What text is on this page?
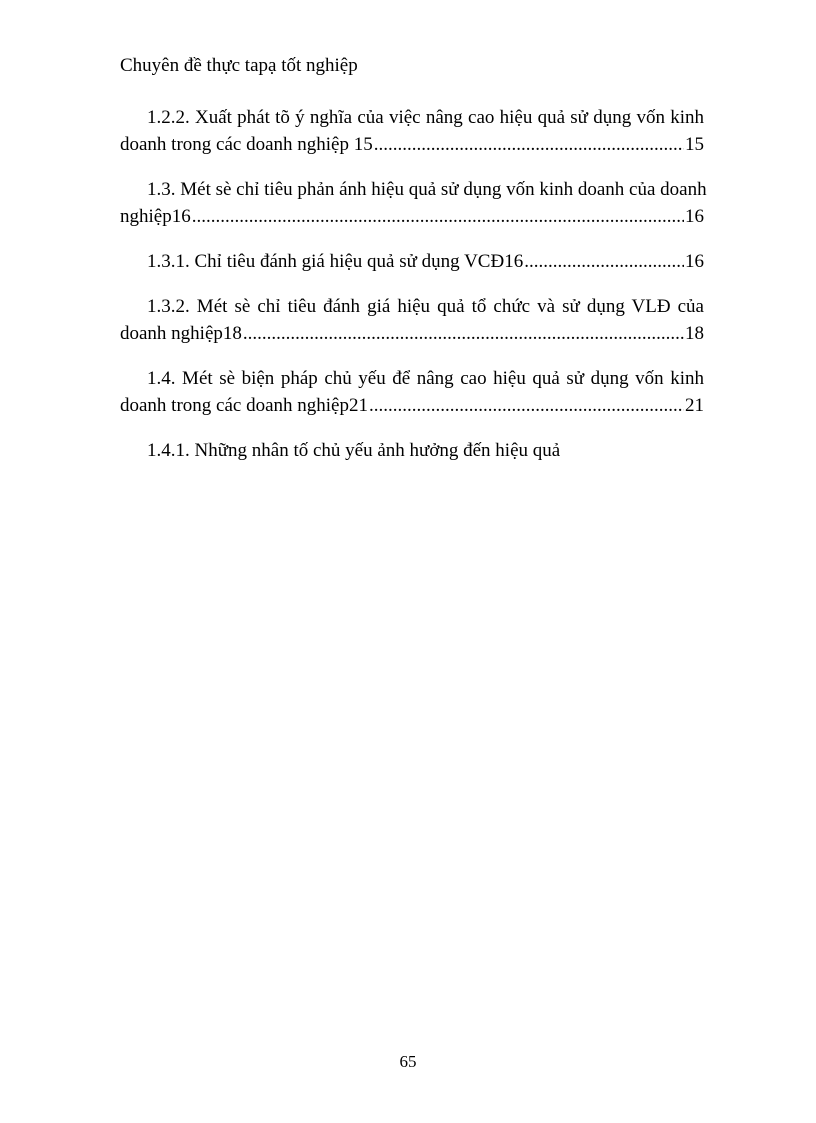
Chuyên đề thực tapạ tốt nghiệp
1.2.2. Xuất phát tõ ý nghĩa của việc nâng cao hiệu quả sử dụng vốn kinh
doanh trong các doanh nghiệp 15 .....	15
1.3. Mét sè chỉ tiêu phản ánh hiệu quả sử dụng vốn kinh doanh của doanh
nghiệp16 .....	16
1.3.1. Chỉ tiêu đánh giá hiệu quả sử dụng VCĐ16 .....	16
1.3.2. Mét sè chỉ tiêu đánh giá hiệu quả tổ chức và sử dụng VLĐ của
doanh nghiệp18 .....	18
1.4. Mét sè biện pháp chủ yếu để nâng cao hiệu quả sử dụng vốn kinh
doanh trong các doanh nghiệp21 .....	21
1.4.1. Những nhân tố chủ yếu ảnh hưởng đến hiệu quả
65
